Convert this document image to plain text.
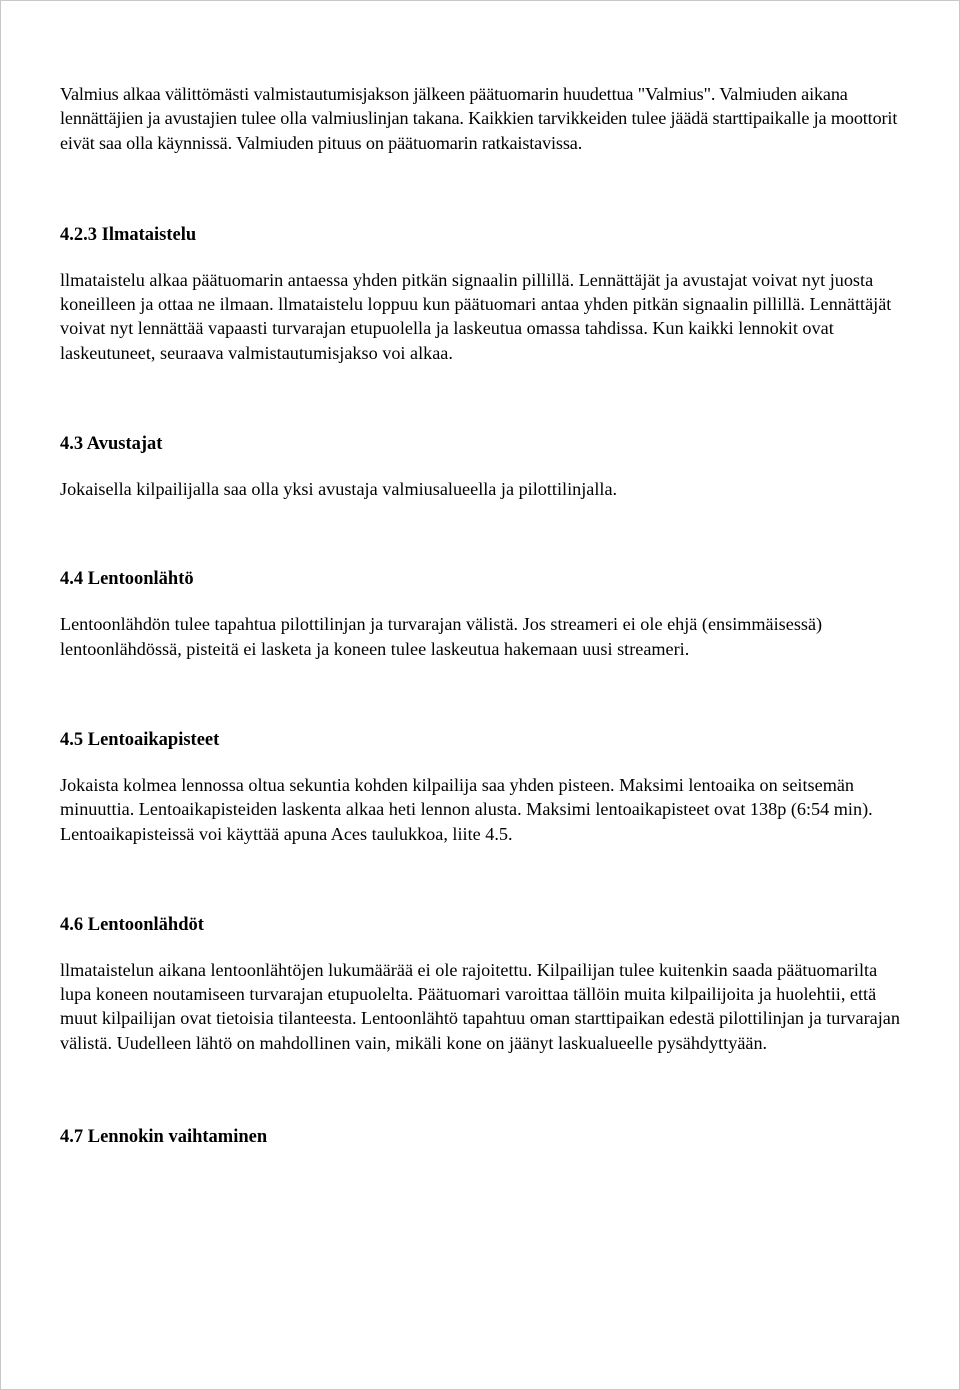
Valmius alkaa välittömästi valmistautumisjakson jälkeen päätuomarin huudettua "Valmius". Valmiuden aikana lennättäjien ja avustajien tulee olla valmiuslinjan takana. Kaikkien tarvikkeiden tulee jäädä starttipaikalle ja moottorit eivät saa olla käynnissä. Valmiuden pituus on päätuomarin ratkaistavissa.

4.2.3 Ilmataistelu

llmataistelu alkaa päätuomarin antaessa yhden pitkän signaalin pillillä. Lennättäjät ja avustajat voivat nyt juosta koneilleen ja ottaa ne ilmaan. llmataistelu loppuu kun päätuomari antaa yhden pitkän signaalin pillillä. Lennättäjät voivat nyt lennättää vapaasti turvarajan etupuolella ja laskeutua omassa tahdissa. Kun kaikki lennokit ovat laskeutuneet, seuraava valmistautumisjakso voi alkaa.

4.3 Avustajat

Jokaisella kilpailijalla saa olla yksi avustaja valmiusalueella ja pilottilinjalla.

4.4 Lentoonlähtö

Lentoonlähdön tulee tapahtua pilottilinjan ja turvarajan välistä. Jos streameri ei ole ehjä (ensimmäisessä) lentoonlähdössä, pisteitä ei lasketa ja koneen tulee laskeutua hakemaan uusi streameri.

4.5 Lentoaikapisteet

Jokaista kolmea lennossa oltua sekuntia kohden kilpailija saa yhden pisteen. Maksimi lentoaika on seitsemän minuuttia. Lentoaikapisteiden laskenta alkaa heti lennon alusta. Maksimi lentoaikapisteet ovat 138p (6:54 min). Lentoaikapisteissä voi käyttää apuna Aces taulukkoa, liite 4.5.

4.6 Lentoonlähdöt

llmataistelun aikana lentoonlähtöjen lukumäärää ei ole rajoitettu. Kilpailijan tulee kuitenkin saada päätuomarilta lupa koneen noutamiseen turvarajan etupuolelta. Päätuomari varoittaa tällöin muita kilpailijoita ja huolehtii, että muut kilpailijan ovat tietoisia tilanteesta. Lentoonlähtö tapahtuu oman starttipaikan edestä pilottilinjan ja turvarajan välistä. Uudelleen lähtö on mahdollinen vain, mikäli kone on jäänyt laskualueelle pysähdyttyään.

4.7 Lennokin vaihtaminen
